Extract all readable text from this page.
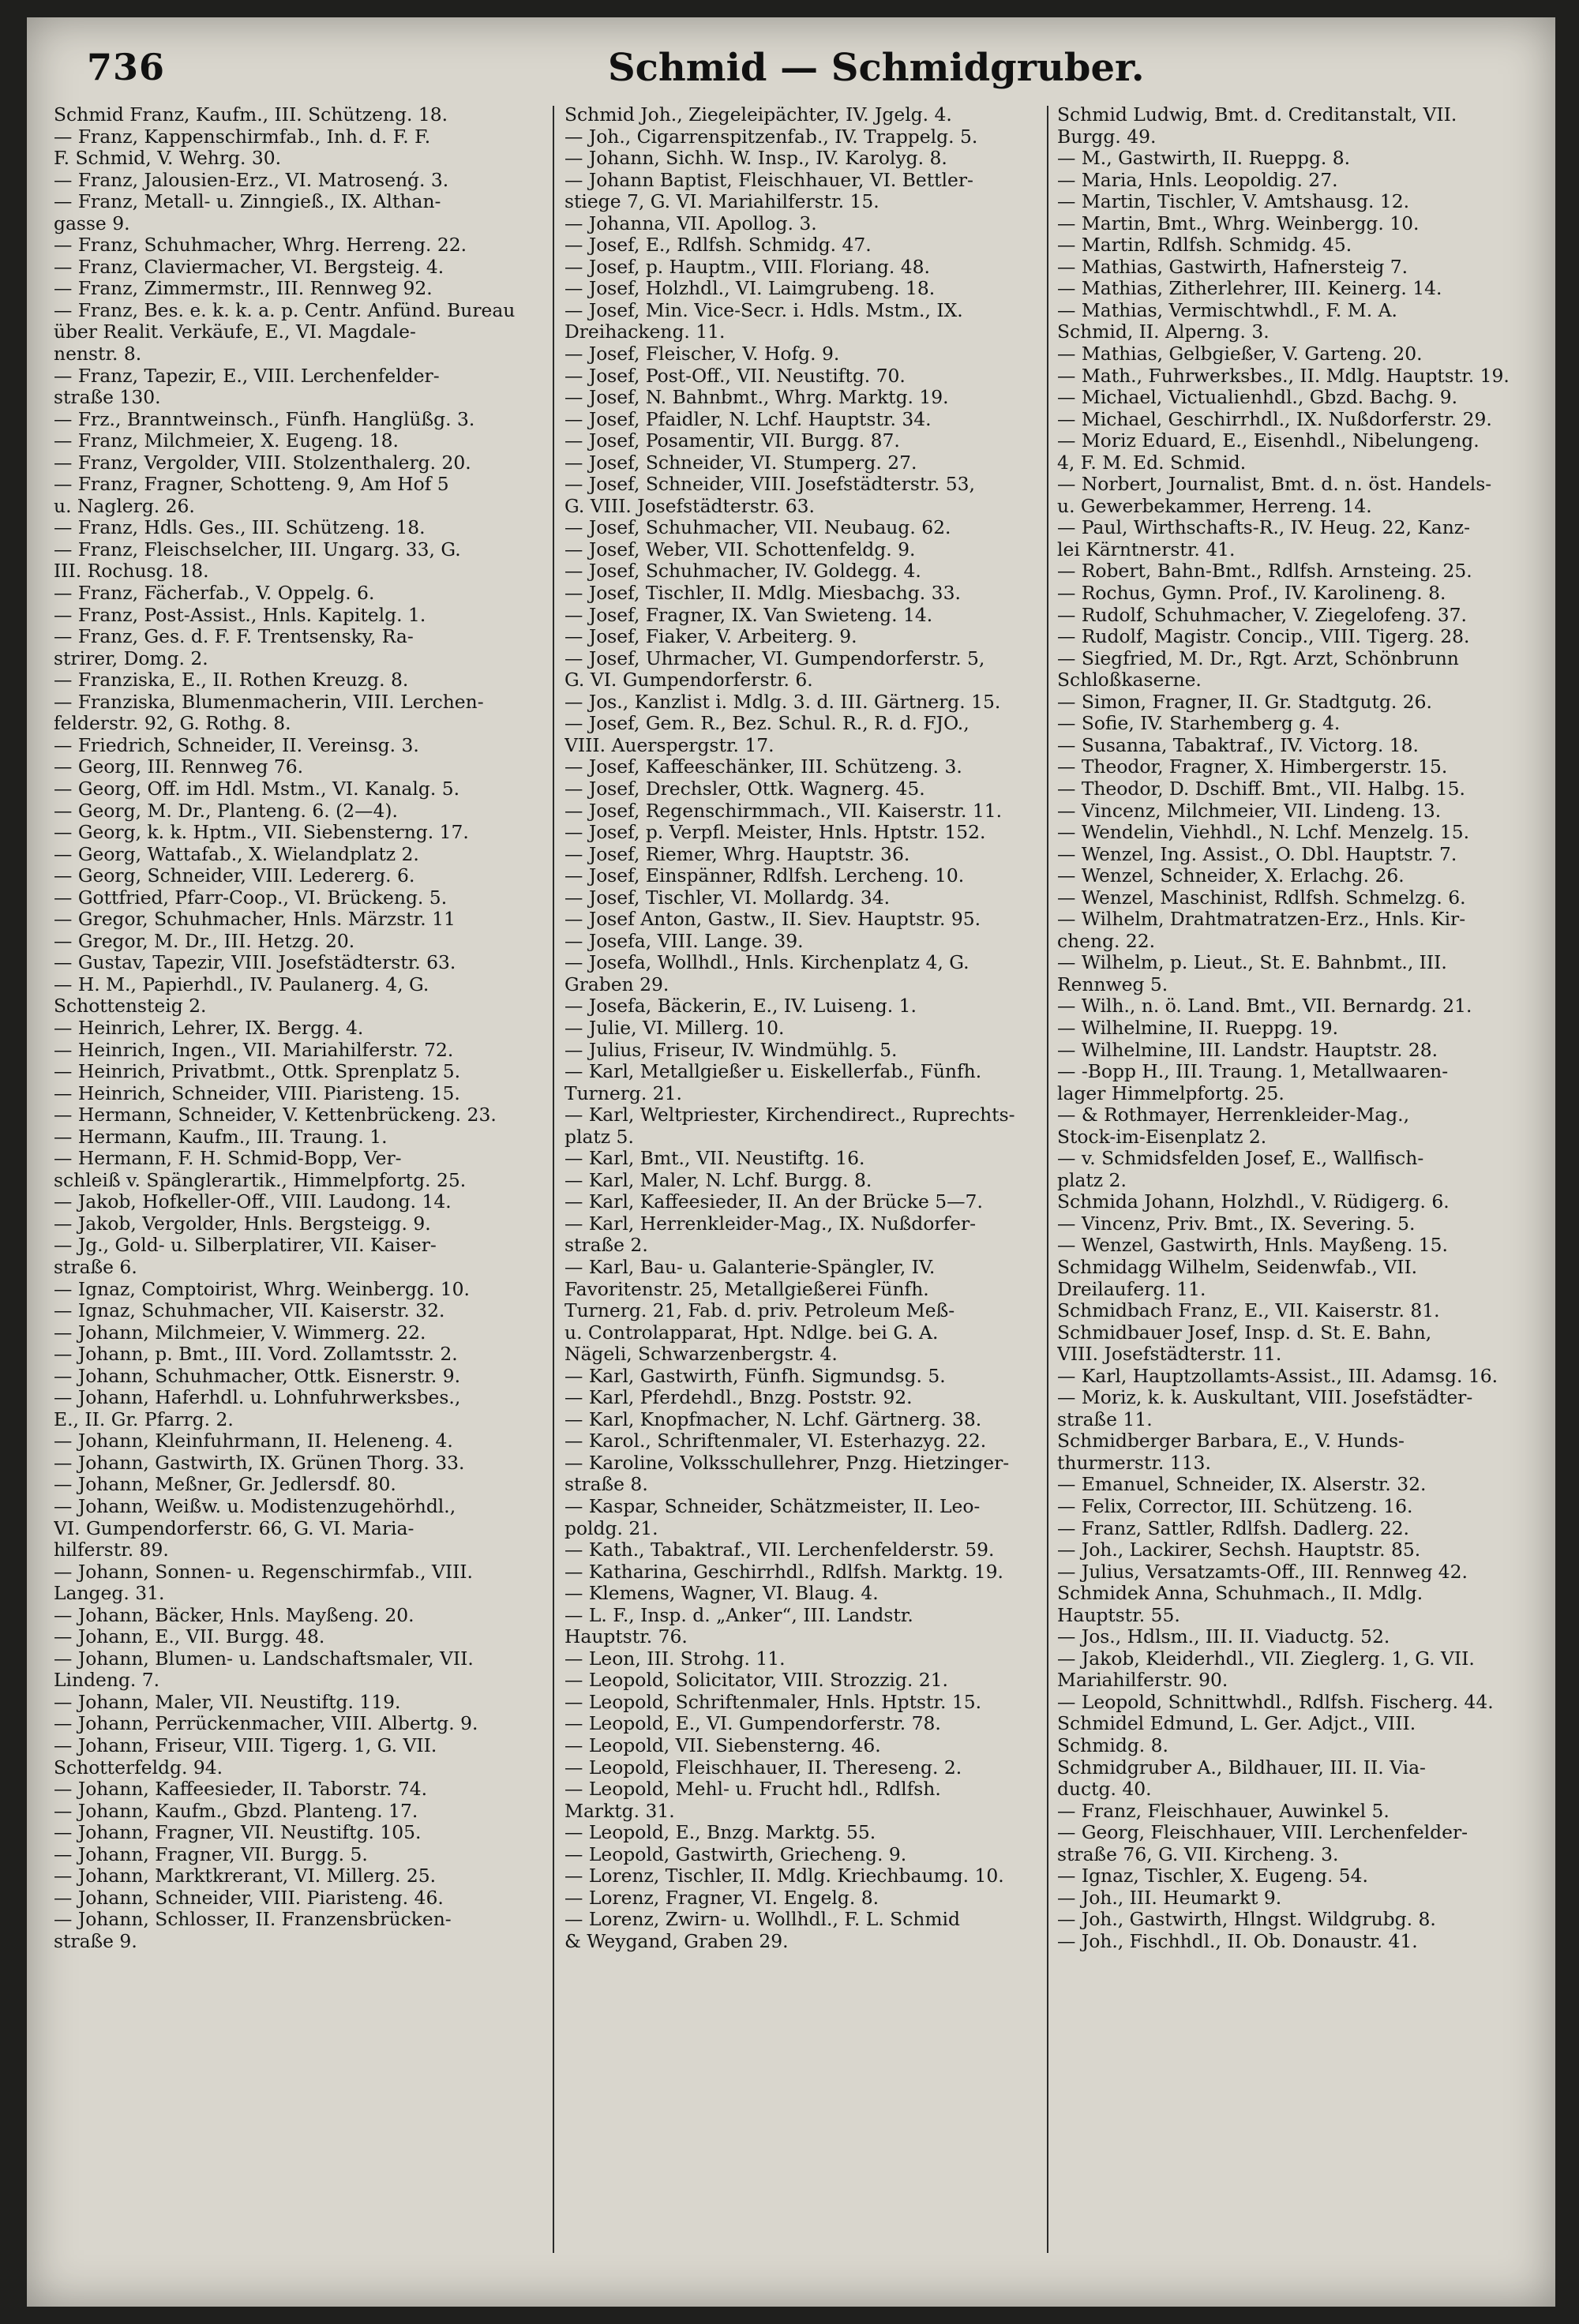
736	Schmid — Schmidgruber.
Schmid Franz, Kaufm., III. Schützeng. 18.
— Franz, Kappenschirmfab., Inh. d. F. F.
F. Schmid, V. Wehrg. 30.
— Franz, Jalousien-Erz., VI. Matrosenǵ. 3.
— Franz, Metall- u. Zinngieß., IX. Althan-
gasse 9.
— Franz, Schuhmacher, Whrg. Herreng. 22.
— Franz, Claviermacher, VI. Bergsteig. 4.
— Franz, Zimmermstr., III. Rennweg 92.
— Franz, Bes. e. k. k. a. p. Centr. Anfünd. Bureau
über Realit. Verkäufe, E., VI. Magdale-
nenstr. 8.
— Franz, Tapezir, E., VIII. Lerchenfelder-
straße 130.
— Frz., Branntweinsch., Fünfh. Hanglüßg. 3.
— Franz, Milchmeier, X. Eugeng. 18.
— Franz, Vergolder, VIII. Stolzenthalerg. 20.
— Franz, Fragner, Schotteng. 9, Am Hof 5
u. Naglerg. 26.
— Franz, Hdls. Ges., III. Schützeng. 18.
— Franz, Fleischselcher, III. Ungarg. 33, G.
III. Rochusg. 18.
— Franz, Fächerfab., V. Oppelg. 6.
— Franz, Post-Assist., Hnls. Kapitelg. 1.
— Franz, Ges. d. F. F. Trentsensky, Ra-
strirer, Domg. 2.
— Franziska, E., II. Rothen Kreuzg. 8.
— Franziska, Blumenmacherin, VIII. Lerchen-
felderstr. 92, G. Rothg. 8.
— Friedrich, Schneider, II. Vereinsg. 3.
— Georg, III. Rennweg 76.
— Georg, Off. im Hdl. Mstm., VI. Kanalg. 5.
— Georg, M. Dr., Planteng. 6. (2—4).
— Georg, k. k. Hptm., VII. Siebensterng. 17.
— Georg, Wattafab., X. Wielandplatz 2.
— Georg, Schneider, VIII. Ledererg. 6.
— Gottfried, Pfarr-Coop., VI. Brückeng. 5.
— Gregor, Schuhmacher, Hnls. Märzstr. 11
— Gregor, M. Dr., III. Hetzg. 20.
— Gustav, Tapezir, VIII. Josefstädterstr. 63.
— H. M., Papierhdl., IV. Paulanerg. 4, G.
Schottensteig 2.
— Heinrich, Lehrer, IX. Bergg. 4.
— Heinrich, Ingen., VII. Mariahilferstr. 72.
— Heinrich, Privatbmt., Ottk. Sprenplatz 5.
— Heinrich, Schneider, VIII. Piaristeng. 15.
— Hermann, Schneider, V. Kettenbrückeng. 23.
— Hermann, Kaufm., III. Traung. 1.
— Hermann, F. H. Schmid-Bopp, Ver-
schleiß v. Spänglerartik., Himmelpfortg. 25.
— Jakob, Hofkeller-Off., VIII. Laudong. 14.
— Jakob, Vergolder, Hnls. Bergsteigg. 9.
— Jg., Gold- u. Silberplatirer, VII. Kaiser-
straße 6.
— Ignaz, Comptoirist, Whrg. Weinbergg. 10.
— Ignaz, Schuhmacher, VII. Kaiserstr. 32.
— Johann, Milchmeier, V. Wimmerg. 22.
— Johann, p. Bmt., III. Vord. Zollamtsstr. 2.
— Johann, Schuhmacher, Ottk. Eisnerstr. 9.
— Johann, Haferhdl. u. Lohnfuhrwerksbes.,
E., II. Gr. Pfarrg. 2.
— Johann, Kleinfuhrmann, II. Heleneng. 4.
— Johann, Gastwirth, IX. Grünen Thorg. 33.
— Johann, Meßner, Gr. Jedlersdf. 80.
— Johann, Weißw. u. Modistenzugehörhdl.,
VI. Gumpendorferstr. 66, G. VI. Maria-
hilferstr. 89.
— Johann, Sonnen- u. Regenschirmfab., VIII.
Langeg. 31.
— Johann, Bäcker, Hnls. Mayßeng. 20.
— Johann, E., VII. Burgg. 48.
— Johann, Blumen- u. Landschaftsmaler, VII.
Lindeng. 7.
— Johann, Maler, VII. Neustiftg. 119.
— Johann, Perrückenmacher, VIII. Albertg. 9.
— Johann, Friseur, VIII. Tigerg. 1, G. VII.
Schotterfeldg. 94.
— Johann, Kaffeesieder, II. Taborstr. 74.
— Johann, Kaufm., Gbzd. Planteng. 17.
— Johann, Fragner, VII. Neustiftg. 105.
— Johann, Fragner, VII. Burgg. 5.
— Johann, Marktkrerant, VI. Millerg. 25.
— Johann, Schneider, VIII. Piaristeng. 46.
— Johann, Schlosser, II. Franzensbrücken-
straße 9.
Schmid Joh., Ziegeleipächter, IV. Jgelg. 4.
— Joh., Cigarrenspitzenfab., IV. Trappelg. 5.
— Johann, Sichh. W. Insp., IV. Karolyg. 8.
— Johann Baptist, Fleischhauer, VI. Bettler-
stiege 7, G. VI. Mariahilferstr. 15.
— Johanna, VII. Apollog. 3.
— Josef, E., Rdlfsh. Schmidg. 47.
— Josef, p. Hauptm., VIII. Floriang. 48.
— Josef, Holzhdl., VI. Laimgrubeng. 18.
— Josef, Min. Vice-Secr. i. Hdls. Mstm., IX.
Dreihackeng. 11.
— Josef, Fleischer, V. Hofg. 9.
— Josef, Post-Off., VII. Neustiftg. 70.
— Josef, N. Bahnbmt., Whrg. Marktg. 19.
— Josef, Pfaidler, N. Lchf. Hauptstr. 34.
— Josef, Posamentir, VII. Burgg. 87.
— Josef, Schneider, VI. Stumperg. 27.
— Josef, Schneider, VIII. Josefstädterstr. 53,
G. VIII. Josefstädterstr. 63.
— Josef, Schuhmacher, VII. Neubaug. 62.
— Josef, Weber, VII. Schottenfeldg. 9.
— Josef, Schuhmacher, IV. Goldegg. 4.
— Josef, Tischler, II. Mdlg. Miesbachg. 33.
— Josef, Fragner, IX. Van Swieteng. 14.
— Josef, Fiaker, V. Arbeiterg. 9.
— Josef, Uhrmacher, VI. Gumpendorferstr. 5,
G. VI. Gumpendorferstr. 6.
— Jos., Kanzlist i. Mdlg. 3. d. III. Gärtnerg. 15.
— Josef, Gem. R., Bez. Schul. R., R. d. FJO.,
VIII. Auerspergstr. 17.
— Josef, Kaffeeschänker, III. Schützeng. 3.
— Josef, Drechsler, Ottk. Wagnerg. 45.
— Josef, Regenschirmmach., VII. Kaiserstr. 11.
— Josef, p. Verpfl. Meister, Hnls. Hptstr. 152.
— Josef, Riemer, Whrg. Hauptstr. 36.
— Josef, Einspänner, Rdlfsh. Lercheng. 10.
— Josef, Tischler, VI. Mollardg. 34.
— Josef Anton, Gastw., II. Siev. Hauptstr. 95.
— Josefa, VIII. Lange. 39.
— Josefa, Wollhdl., Hnls. Kirchenplatz 4, G.
Graben 29.
— Josefa, Bäckerin, E., IV. Luiseng. 1.
— Julie, VI. Millerg. 10.
— Julius, Friseur, IV. Windmühlg. 5.
— Karl, Metallgießer u. Eiskellerfab., Fünfh.
Turnerg. 21.
— Karl, Weltpriester, Kirchendirect., Ruprechts-
platz 5.
— Karl, Bmt., VII. Neustiftg. 16.
— Karl, Maler, N. Lchf. Burgg. 8.
— Karl, Kaffeesieder, II. An der Brücke 5—7.
— Karl, Herrenkleider-Mag., IX. Nußdorfer-
straße 2.
— Karl, Bau- u. Galanterie-Spängler, IV.
Favoritenstr. 25, Metallgießerei Fünfh.
Turnerg. 21, Fab. d. priv. Petroleum Meß-
u. Controlapparat, Hpt. Ndlge. bei G. A.
Nägeli, Schwarzenbergstr. 4.
— Karl, Gastwirth, Fünfh. Sigmundsg. 5.
— Karl, Pferdehdl., Bnzg. Poststr. 92.
— Karl, Knopfmacher, N. Lchf. Gärtnerg. 38.
— Karol., Schriftenmaler, VI. Esterhazyg. 22.
— Karoline, Volksschullehrer, Pnzg. Hietzinger-
straße 8.
— Kaspar, Schneider, Schätzmeister, II. Leo-
poldg. 21.
— Kath., Tabaktraf., VII. Lerchenfelderstr. 59.
— Katharina, Geschirrhdl., Rdlfsh. Marktg. 19.
— Klemens, Wagner, VI. Blaug. 4.
— L. F., Insp. d. „Anker“, III. Landstr.
Hauptstr. 76.
— Leon, III. Strohg. 11.
— Leopold, Solicitator, VIII. Strozzig. 21.
— Leopold, Schriftenmaler, Hnls. Hptstr. 15.
— Leopold, E., VI. Gumpendorferstr. 78.
— Leopold, VII. Siebensterng. 46.
— Leopold, Fleischhauer, II. Thereseng. 2.
— Leopold, Mehl- u. Frucht hdl., Rdlfsh.
Marktg. 31.
— Leopold, E., Bnzg. Marktg. 55.
— Leopold, Gastwirth, Griecheng. 9.
— Lorenz, Tischler, II. Mdlg. Kriechbaumg. 10.
— Lorenz, Fragner, VI. Engelg. 8.
— Lorenz, Zwirn- u. Wollhdl., F. L. Schmid
& Weygand, Graben 29.
Schmid Ludwig, Bmt. d. Creditanstalt, VII.
Burgg. 49.
— M., Gastwirth, II. Rueppg. 8.
— Maria, Hnls. Leopoldig. 27.
— Martin, Tischler, V. Amtshausg. 12.
— Martin, Bmt., Whrg. Weinbergg. 10.
— Martin, Rdlfsh. Schmidg. 45.
— Mathias, Gastwirth, Hafnersteig 7.
— Mathias, Zitherlehrer, III. Keinerg. 14.
— Mathias, Vermischtwhdl., F. M. A.
Schmid, II. Alperng. 3.
— Mathias, Gelbgießer, V. Garteng. 20.
— Math., Fuhrwerksbes., II. Mdlg. Hauptstr. 19.
— Michael, Victualienhdl., Gbzd. Bachg. 9.
— Michael, Geschirrhdl., IX. Nußdorferstr. 29.
— Moriz Eduard, E., Eisenhdl., Nibelungeng.
4, F. M. Ed. Schmid.
— Norbert, Journalist, Bmt. d. n. öst. Handels-
u. Gewerbekammer, Herreng. 14.
— Paul, Wirthschafts-R., IV. Heug. 22, Kanz-
lei Kärntnerstr. 41.
— Robert, Bahn-Bmt., Rdlfsh. Arnsteing. 25.
— Rochus, Gymn. Prof., IV. Karolineng. 8.
— Rudolf, Schuhmacher, V. Ziegelofeng. 37.
— Rudolf, Magistr. Concip., VIII. Tigerg. 28.
— Siegfried, M. Dr., Rgt. Arzt, Schönbrunn
Schloßkaserne.
— Simon, Fragner, II. Gr. Stadtgutg. 26.
— Sofie, IV. Starhemberg g. 4.
— Susanna, Tabaktraf., IV. Victorg. 18.
— Theodor, Fragner, X. Himbergerstr. 15.
— Theodor, D. Dschiff. Bmt., VII. Halbg. 15.
— Vincenz, Milchmeier, VII. Lindeng. 13.
— Wendelin, Viehhdl., N. Lchf. Menzelg. 15.
— Wenzel, Ing. Assist., O. Dbl. Hauptstr. 7.
— Wenzel, Schneider, X. Erlachg. 26.
— Wenzel, Maschinist, Rdlfsh. Schmelzg. 6.
— Wilhelm, Drahtmatratzen-Erz., Hnls. Kir-
cheng. 22.
— Wilhelm, p. Lieut., St. E. Bahnbmt., III.
Rennweg 5.
— Wilh., n. ö. Land. Bmt., VII. Bernardg. 21.
— Wilhelmine, II. Rueppg. 19.
— Wilhelmine, III. Landstr. Hauptstr. 28.
— -Bopp H., III. Traung. 1, Metallwaaren-
lager Himmelpfortg. 25.
— & Rothmayer, Herrenkleider-Mag.,
Stock-im-Eisenplatz 2.
— v. Schmidsfelden Josef, E., Wallfisch-
platz 2.
Schmida Johann, Holzhdl., V. Rüdigerg. 6.
— Vincenz, Priv. Bmt., IX. Severing. 5.
— Wenzel, Gastwirth, Hnls. Mayßeng. 15.
Schmidagg Wilhelm, Seidenwfab., VII.
Dreilauferg. 11.
Schmidbach Franz, E., VII. Kaiserstr. 81.
Schmidbauer Josef, Insp. d. St. E. Bahn,
VIII. Josefstädterstr. 11.
— Karl, Hauptzollamts-Assist., III. Adamsg. 16.
— Moriz, k. k. Auskultant, VIII. Josefstädter-
straße 11.
Schmidberger Barbara, E., V. Hunds-
thurmerstr. 113.
— Emanuel, Schneider, IX. Alserstr. 32.
— Felix, Corrector, III. Schützeng. 16.
— Franz, Sattler, Rdlfsh. Dadlerg. 22.
— Joh., Lackirer, Sechsh. Hauptstr. 85.
— Julius, Versatzamts-Off., III. Rennweg 42.
Schmidek Anna, Schuhmach., II. Mdlg.
Hauptstr. 55.
— Jos., Hdlsm., III. II. Viaductg. 52.
— Jakob, Kleiderhdl., VII. Zieglerg. 1, G. VII.
Mariahilferstr. 90.
— Leopold, Schnittwhdl., Rdlfsh. Fischerg. 44.
Schmidel Edmund, L. Ger. Adjct., VIII.
Schmidg. 8.
Schmidgruber A., Bildhauer, III. II. Via-
ductg. 40.
— Franz, Fleischhauer, Auwinkel 5.
— Georg, Fleischhauer, VIII. Lerchenfelder-
straße 76, G. VII. Kircheng. 3.
— Ignaz, Tischler, X. Eugeng. 54.
— Joh., III. Heumarkt 9.
— Joh., Gastwirth, Hlngst. Wildgrubg. 8.
— Joh., Fischhdl., II. Ob. Donaustr. 41.
